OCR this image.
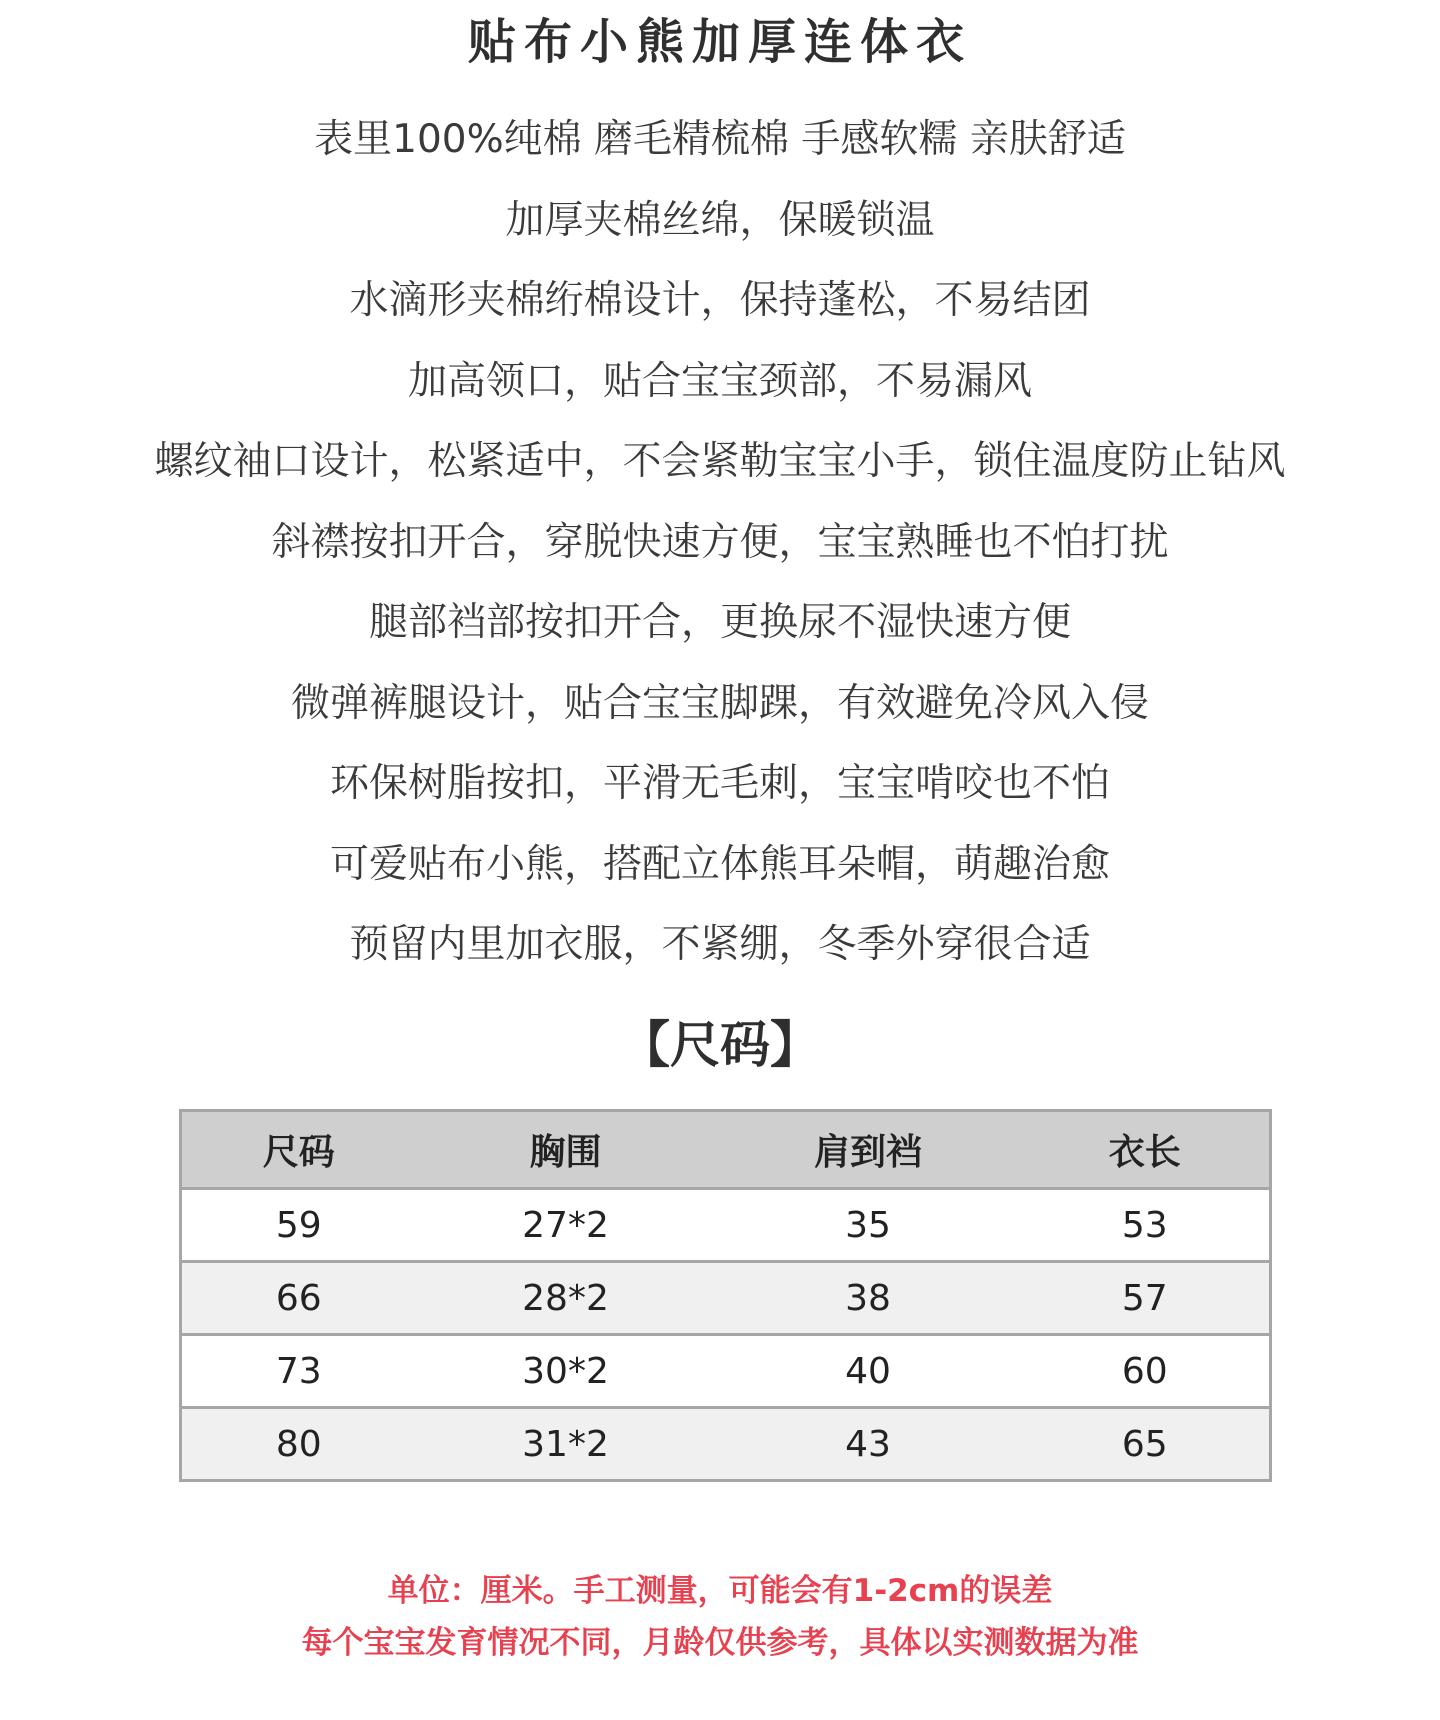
贴布小熊加厚连体衣
表里100%纯棉 磨毛精梳棉 手感软糯 亲肤舒适
加厚夹棉丝绵，保暖锁温
水滴形夹棉绗棉设计，保持蓬松，不易结团
加高领口，贴合宝宝颈部，不易漏风
螺纹袖口设计，松紧适中，不会紧勒宝宝小手，锁住温度防止钻风
斜襟按扣开合，穿脱快速方便，宝宝熟睡也不怕打扰
腿部裆部按扣开合，更换尿不湿快速方便
微弹裤腿设计，贴合宝宝脚踝，有效避免冷风入侵
环保树脂按扣，平滑无毛刺，宝宝啃咬也不怕
可爱贴布小熊，搭配立体熊耳朵帽，萌趣治愈
预留内里加衣服，不紧绷，冬季外穿很合适
【尺码】
尺码	胸围	肩到裆	衣长
59	27*2	35	53
66	28*2	38	57
73	30*2	40	60
80	31*2	43	65
单位：厘米。手工测量，可能会有1-2cm的误差
每个宝宝发育情况不同，月龄仅供参考，具体以实测数据为准
